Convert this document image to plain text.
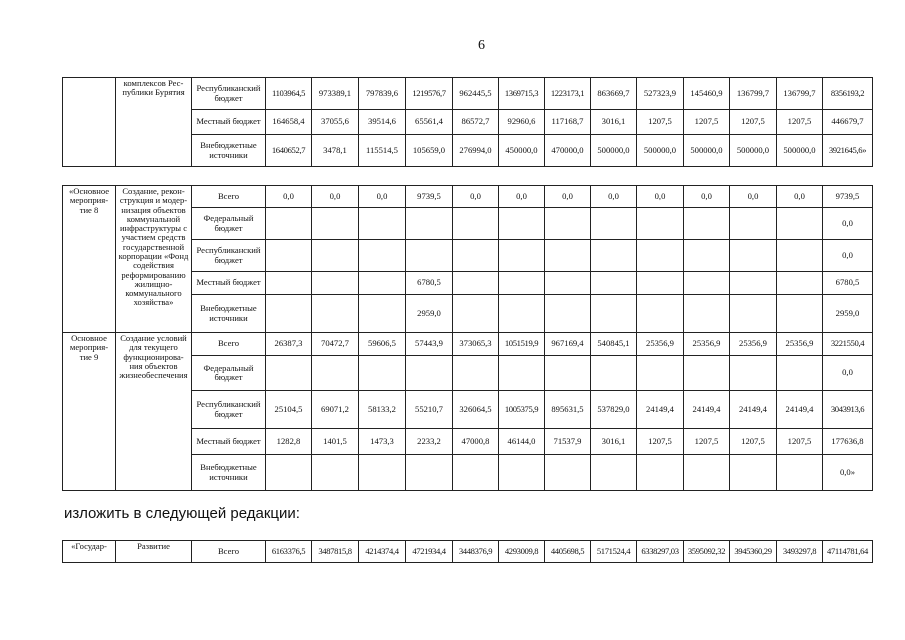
6
	комплексов Рес-публики Бурятия	Республиканский бюджет	1103964,5	973389,1	797839,6	1219576,7	962445,5	1369715,3	1223173,1	863669,7	527323,9	145460,9	136799,7	136799,7	8356193,2
		Местный бюджет	164658,4	37055,6	39514,6	65561,4	86572,7	92960,6	117168,7	3016,1	1207,5	1207,5	1207,5	1207,5	446679,7
		Внебюджетные источники	1640652,7	3478,1	115514,5	105659,0	276994,0	450000,0	470000,0	500000,0	500000,0	500000,0	500000,0	500000,0	3921645,6»
«Основное мероприя-тие 8	Создание, рекон-струкция и модер-низация объектов коммунальной инфраструктуры с участием средств государственной корпорации «Фонд содействия реформированию жилищно-коммунального хозяйства»	Всего	0,0	0,0	0,0	9739,5	0,0	0,0	0,0	0,0	0,0	0,0	0,0	0,0	9739,5
		Федеральный бюджет													0,0
		Республиканский бюджет													0,0
		Местный бюджет				6780,5									6780,5
		Внебюджетные источники				2959,0									2959,0
Основное мероприя-тие 9	Создание условий для текущего функционирова-ния объектов жизнеобеспечения	Всего	26387,3	70472,7	59606,5	57443,9	373065,3	1051519,9	967169,4	540845,1	25356,9	25356,9	25356,9	25356,9	3221550,4
		Федеральный бюджет													0,0
		Республиканский бюджет	25104,5	69071,2	58133,2	55210,7	326064,5	1005375,9	895631,5	537829,0	24149,4	24149,4	24149,4	24149,4	3043913,6
		Местный бюджет	1282,8	1401,5	1473,3	2233,2	47000,8	46144,0	71537,9	3016,1	1207,5	1207,5	1207,5	1207,5	177636,8
		Внебюджетные источники													0,0»
изложить в следующей редакции:
«Государ-	Развитие	Всего	6163376,5	3487815,8	4214374,4	4721934,4	3448376,9	4293009,8	4405698,5	5171524,4	6338297,03	3595092,32	3945360,29	3493297,8	47114781,64
